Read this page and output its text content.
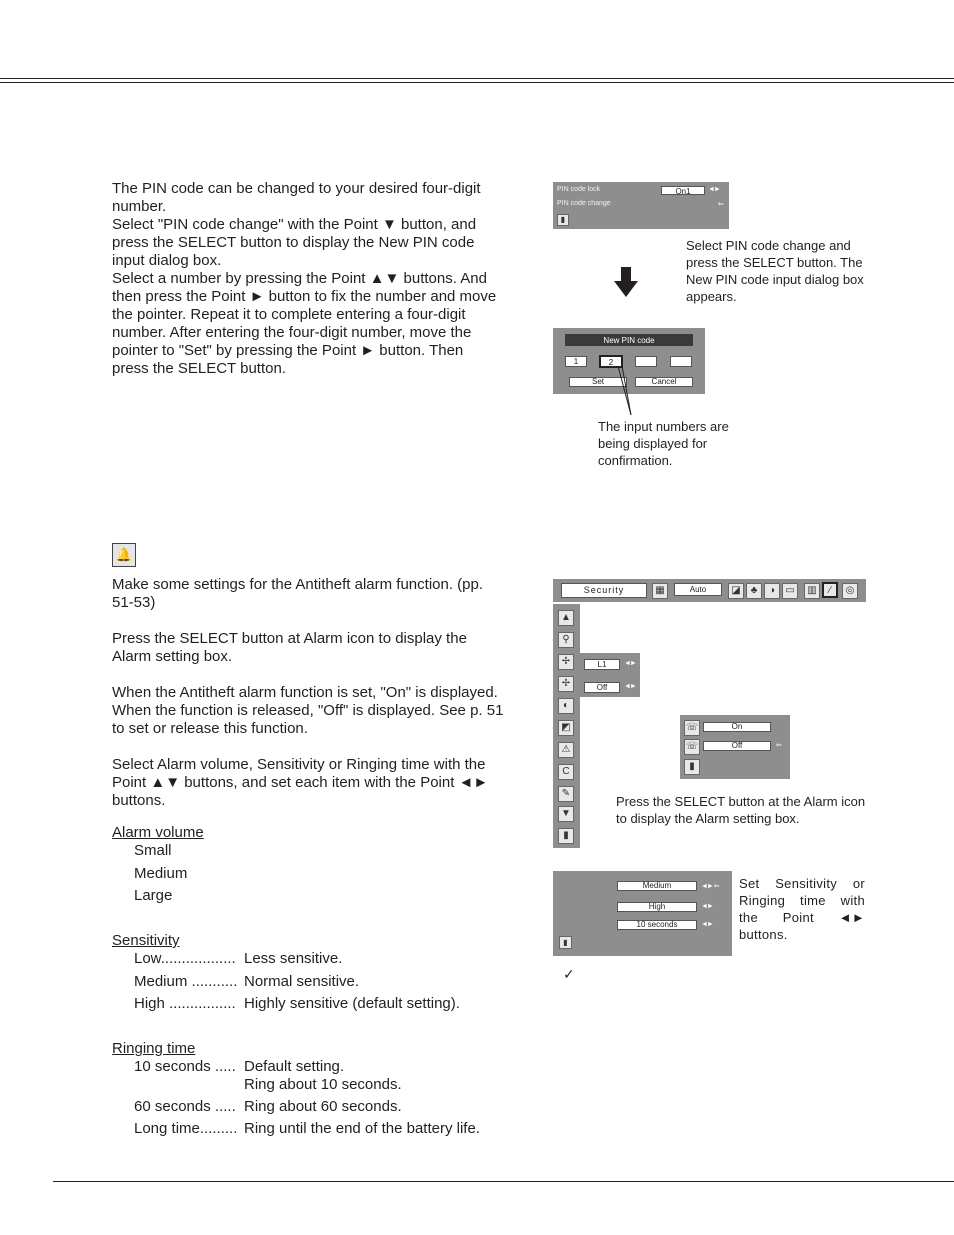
The PIN code can be changed to your desired four-digit number.
Select "PIN code change" with the Point ▼ button, and press the SELECT button to display the New PIN code input dialog box.
Select a number by pressing the Point ▲▼ buttons. And then press the Point ► button to fix the number and move the pointer. Repeat it to complete entering a four-digit number. After entering the four-digit number, move the pointer to "Set" by pressing the Point ► button. Then press the SELECT button.
PIN code lock	On1	◄►
PIN code change	⇐
▮
Select PIN code change and press the SELECT button. The New PIN code input dialog box appears.
New PIN code
1	2
Set	Cancel
The input numbers are being displayed for confirmation.
🔔
Make some settings for the Antitheft alarm function. (pp. 51-53)
Press the SELECT button at Alarm icon to display the Alarm setting box.
When the Antitheft alarm function is set, "On" is displayed. When the function is released, "Off" is displayed. See p. 51 to set or release this function.
Select Alarm volume, Sensitivity or Ringing time with the Point ▲▼ buttons, and set each item with the Point ◄► buttons.
Alarm volume
Small
Medium
Large
Sensitivity
Low.................. Less sensitive.
Medium ........... Normal sensitive.
High ................ Highly sensitive (default setting).
Ringing time
10 seconds ..... Default setting.
Ring about 10 seconds.
60 seconds ..... Ring about 60 seconds.
Long time......... Ring until the end of the battery life.
Security	▦	Auto	◪	♣	◑	▭	▥	⁄	◎
▲
⚲
✢
✢
◐
◩
⚠
C
✎
▼
▮
L1	◄►
Off	◄►
☏	On
☏	Off	⇐
▮
Press the SELECT button at the Alarm icon to display the Alarm setting box.
Medium	◄► ⇐
High	◄►
10 seconds	◄►
▮
Set Sensitivity or Ringing time with the Point ◄► buttons.
✓
